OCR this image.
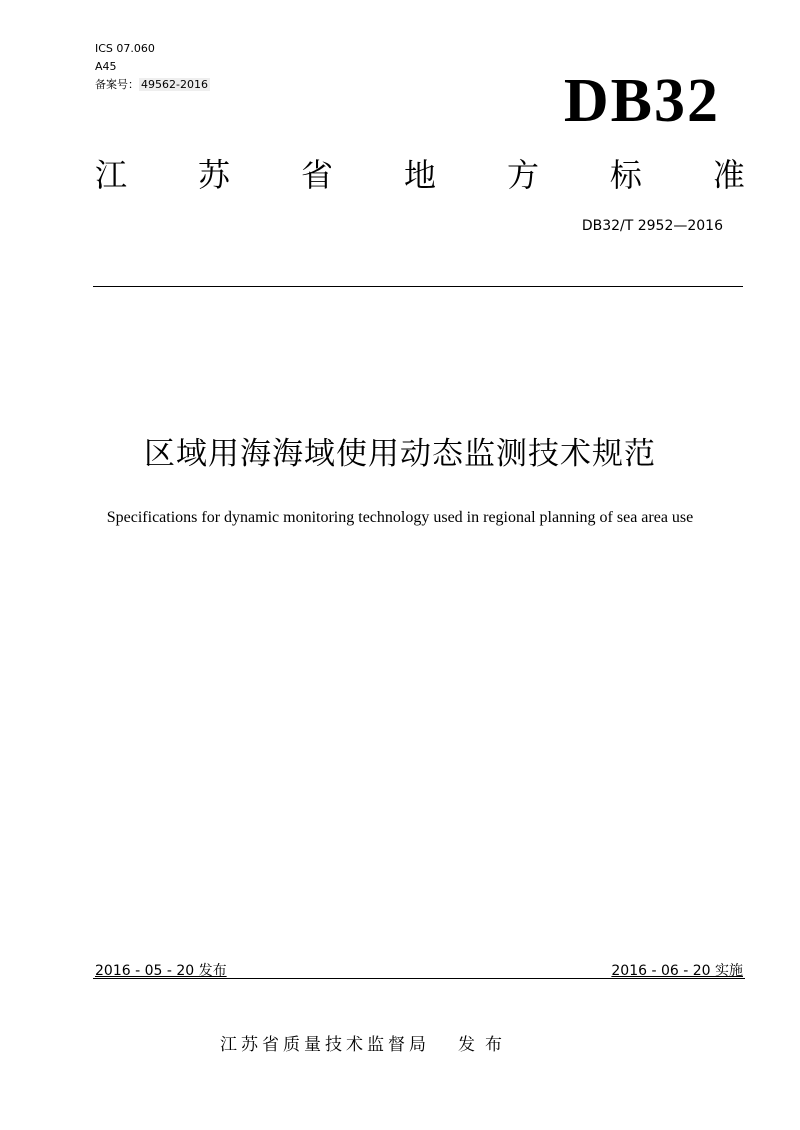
ICS 07.060
A45
备案号： 49562-2016	DB32
江 苏 省 地 方 标 准
DB32/T 2952—2016
区域用海海域使用动态监测技术规范
Specifications for dynamic monitoring technology used in regional planning of sea area use
2016 - 05 - 20 发布	2016 - 06 - 20 实施
江苏省质量技术监督局 发布
